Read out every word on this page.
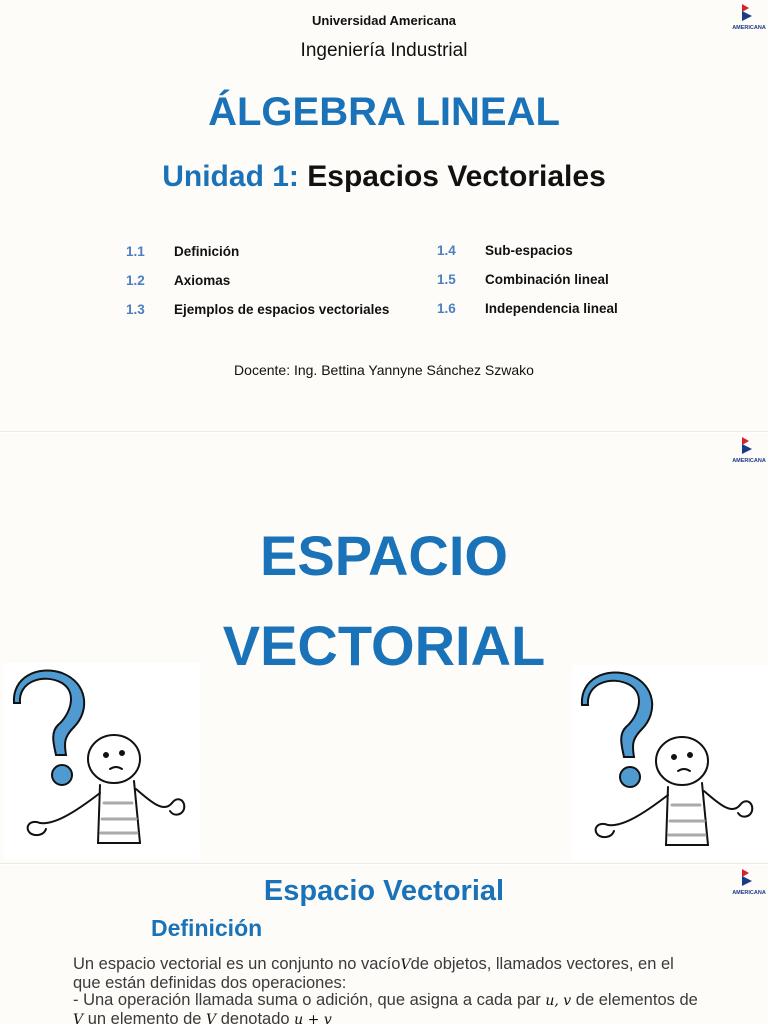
AMERICANA
Universidad Americana
Ingeniería Industrial
ÁLGEBRA LINEAL
Unidad 1: Espacios Vectoriales
1.1	Definición
1.2	Axiomas
1.3	Ejemplos de espacios vectoriales
1.4	Sub-espacios
1.5	Combinación lineal
1.6	Independencia lineal
Docente: Ing. Bettina Yannyne Sánchez Szwako
AMERICANA
ESPACIO
VECTORIAL
AMERICANA
Espacio Vectorial
Definición
Un espacio vectorial es un conjunto no vacíoVde objetos, llamados vectores, en el que están definidas dos operaciones:
- Una operación llamada suma o adición, que asigna a cada par u, v de elementos de V un elemento de V denotado u + v
